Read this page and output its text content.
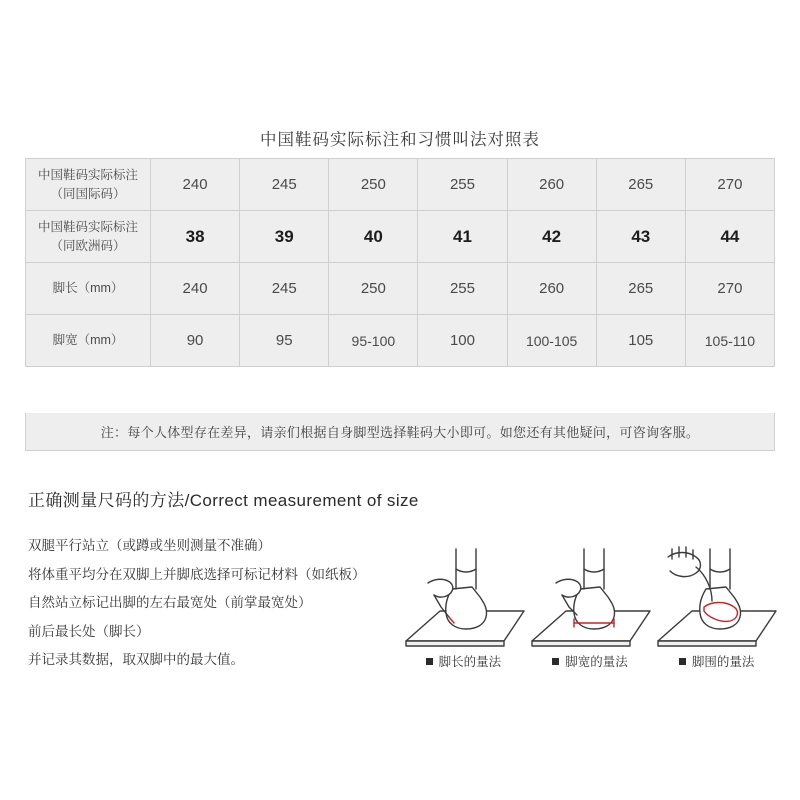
中国鞋码实际标注和习惯叫法对照表
中国鞋码实际标注
（同国际码）	240	245	250	255	260	265	270

中国鞋码实际标注
（同欧洲码）	38	39	40	41	42	43	44
脚长（mm）	240	245	250	255	260	265	270
脚宽（mm）	90	95	95-100	100	100-105	105	105-110
注：每个人体型存在差异，请亲们根据自身脚型选择鞋码大小即可。如您还有其他疑问，可咨询客服。
正确测量尺码的方法/Correct measurement of size
双腿平行站立（或蹲或坐则测量不准确）
将体重平均分在双脚上并脚底选择可标记材料（如纸板）
自然站立标记出脚的左右最宽处（前掌最宽处）
前后最长处（脚长）
并记录其数据，取双脚中的最大值。	脚长的量法	脚宽的量法	脚围的量法
